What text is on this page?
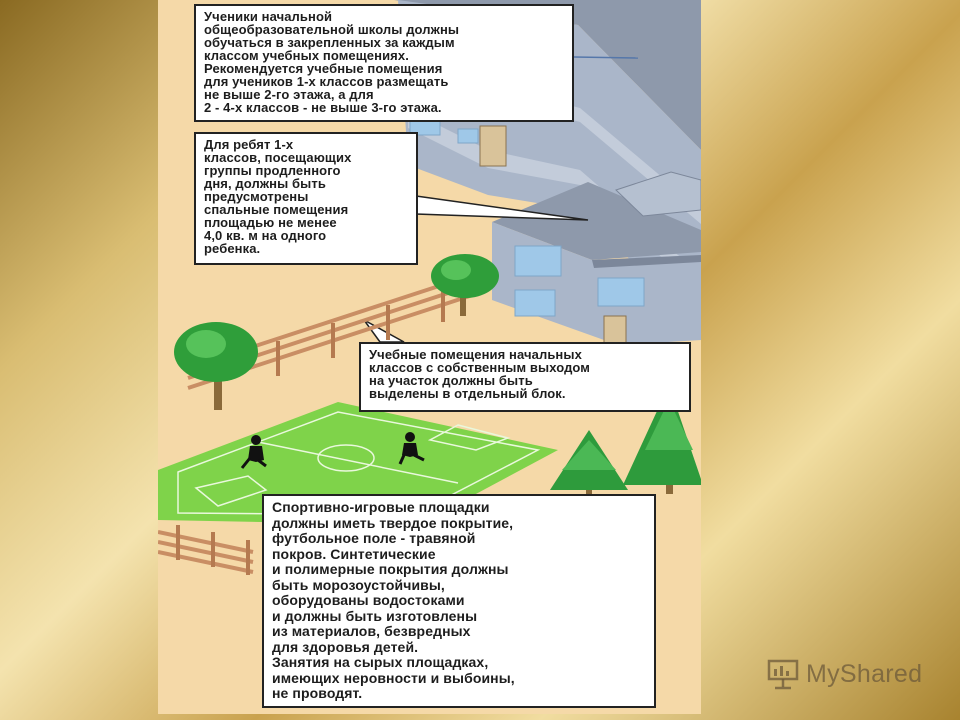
Ученики начальной
общеобразовательной школы должны
обучаться в закрепленных за каждым
классом учебных помещениях.
Рекомендуется учебные помещения
для учеников 1-х классов размещать
не выше 2-го этажа, а для
2 - 4-х классов - не выше 3-го этажа.
Для ребят 1-х
классов, посещающих
группы продленного
дня, должны быть
предусмотрены
спальные помещения
площадью не менее
4,0 кв. м на одного
ребенка.
Учебные помещения начальных
классов с собственным выходом
на участок должны быть
выделены в отдельный блок.
Спортивно-игровые площадки
должны иметь твердое покрытие,
футбольное поле - травяной
покров. Синтетические
и полимерные покрытия должны
быть морозоустойчивы,
оборудованы водостоками
и должны быть изготовлены
из материалов, безвредных
для здоровья детей.
Занятия на сырых площадках,
имеющих неровности и выбоины,
не проводят.
MyShared
